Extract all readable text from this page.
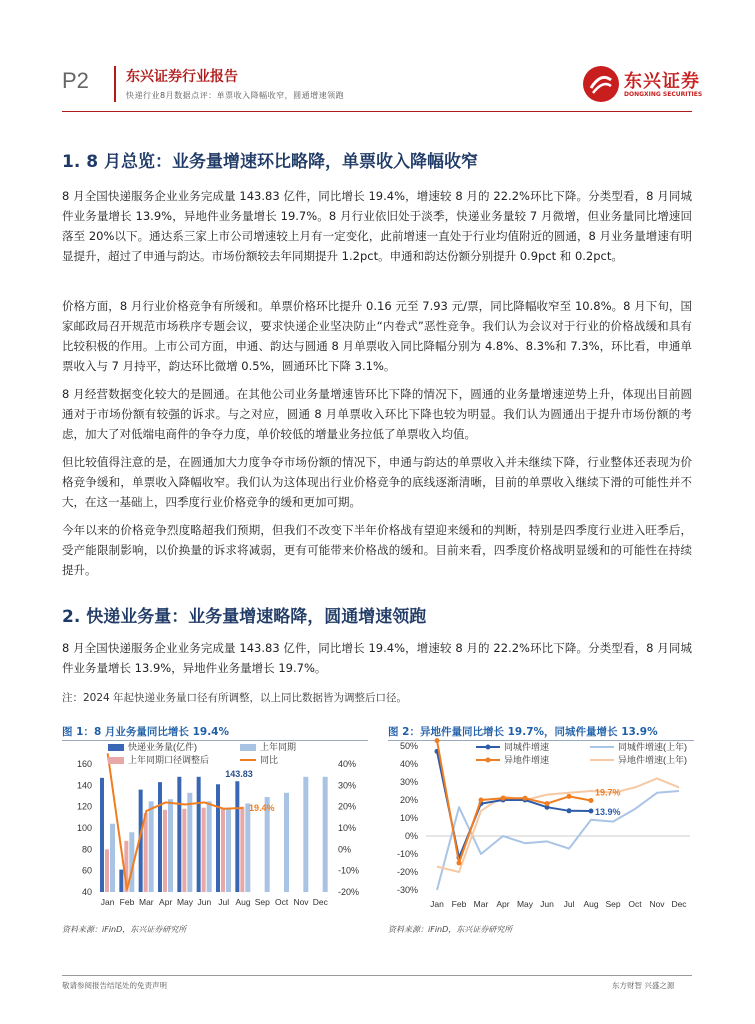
P2	东兴证券行业报告
快递行业8月数据点评：单票收入降幅收窄，圆通增速领跑
东兴证券
DONGXING SECURITIES
1. 8 月总览：业务量增速环比略降，单票收入降幅收窄

8 月全国快递服务企业业务完成量 143.83 亿件，同比增长 19.4%，增速较 8 月的 22.2%环比下降。分类型看，8 月同城件业务量增长 13.9%，异地件业务量增长 19.7%。8 月行业依旧处于淡季，快递业务量较 7 月微增，但业务量同比增速回落至 20%以下。通达系三家上市公司增速较上月有一定变化，此前增速一直处于行业均值附近的圆通，8 月业务量增速有明显提升，超过了申通与韵达。市场份额较去年同期提升 1.2pct。申通和韵达份额分别提升 0.9pct 和 0.2pct。

价格方面，8 月行业价格竞争有所缓和。单票价格环比提升 0.16 元至 7.93 元/票，同比降幅收窄至 10.8%。8 月下旬，国家邮政局召开规范市场秩序专题会议，要求快递企业坚决防止“内卷式”恶性竞争。我们认为会议对于行业的价格战缓和具有比较积极的作用。上市公司方面，申通、韵达与圆通 8 月单票收入同比降幅分别为 4.8%、8.3%和 7.3%，环比看，申通单票收入与 7 月持平，韵达环比微增 0.5%，圆通环比下降 3.1%。

8 月经营数据变化较大的是圆通。在其他公司业务量增速皆环比下降的情况下，圆通的业务量增速逆势上升，体现出目前圆通对于市场份额有较强的诉求。与之对应，圆通 8 月单票收入环比下降也较为明显。我们认为圆通出于提升市场份额的考虑，加大了对低端电商件的争夺力度，单价较低的增量业务拉低了单票收入均值。

但比较值得注意的是，在圆通加大力度争夺市场份额的情况下，申通与韵达的单票收入并未继续下降，行业整体还表现为价格竞争缓和，单票收入降幅收窄。我们认为这体现出行业价格竞争的底线逐渐清晰，目前的单票收入继续下滑的可能性并不大，在这一基础上，四季度行业价格竞争的缓和更加可期。

今年以来的价格竞争烈度略超我们预期，但我们不改变下半年价格战有望迎来缓和的判断，特别是四季度行业进入旺季后，受产能限制影响，以价换量的诉求将减弱，更有可能带来价格战的缓和。目前来看，四季度价格战明显缓和的可能性在持续提升。

2. 快递业务量：业务量增速略降，圆通增速领跑

8 月全国快递服务企业业务完成量 143.83 亿件，同比增长 19.4%，增速较 8 月的 22.2%环比下降。分类型看，8 月同城件业务量增长 13.9%，异地件业务量增长 19.7%。

注：2024 年起快递业务量口径有所调整，以上同比数据皆为调整后口径。
图 1：8 月业务量同比增长 19.4%
40
60
80
100
120
140
160
-20%
-10%
0%
10%
20%
30%
40%
Jan Feb Mar Apr May Jun Jul Aug Sep Oct Nov Dec
143.83
19.4%
快递业务量(亿件)	上年同期
上年同期口径调整后	同比
资料来源：iFinD，东兴证券研究所
图 2：异地件量同比增长 19.7%，同城件量增长 13.9%
-30%
-20%
-10%
0%
10%
20%
30%
40%
50%
Jan Feb Mar Apr May Jun Jul Aug Sep Oct Nov Dec
19.7%
13.9%
同城件增速	同城件增速(上年)
异地件增速	异地件增速(上年)
资料来源：iFinD，东兴证券研究所
敬请参阅报告结尾处的免责声明	东方财智 兴盛之源
